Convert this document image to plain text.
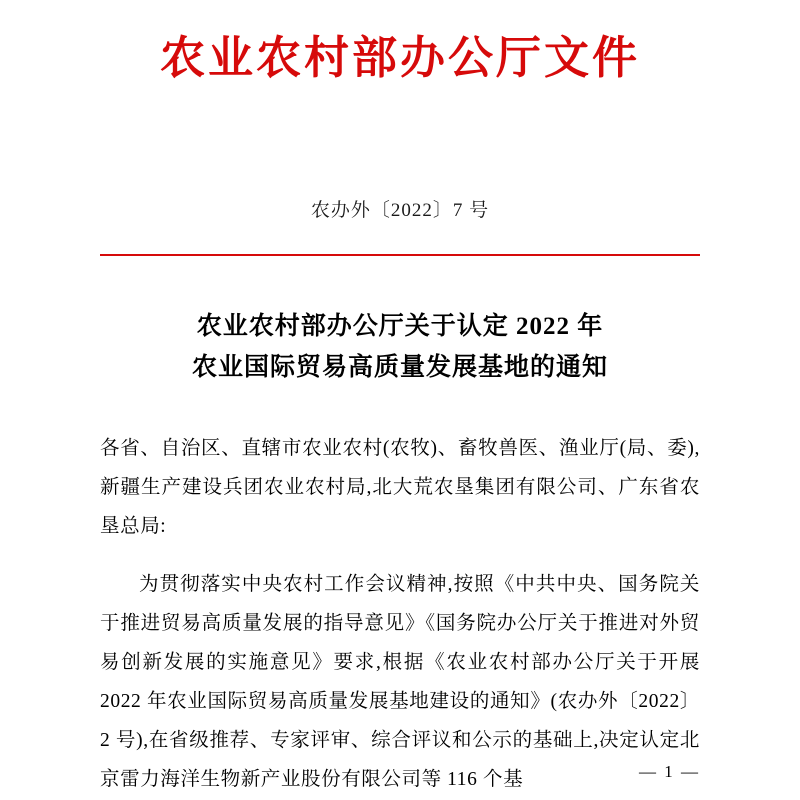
农业农村部办公厅文件
农办外〔2022〕7 号
农业农村部办公厅关于认定 2022 年
农业国际贸易高质量发展基地的通知

各省、自治区、直辖市农业农村(农牧)、畜牧兽医、渔业厅(局、委),新疆生产建设兵团农业农村局,北大荒农垦集团有限公司、广东省农垦总局:

为贯彻落实中央农村工作会议精神,按照《中共中央、国务院关于推进贸易高质量发展的指导意见》《国务院办公厅关于推进对外贸易创新发展的实施意见》要求,根据《农业农村部办公厅关于开展 2022 年农业国际贸易高质量发展基地建设的通知》(农办外〔2022〕2 号),在省级推荐、专家评审、综合评议和公示的基础上,决定认定北京雷力海洋生物新产业股份有限公司等 116 个基	— 1 —
